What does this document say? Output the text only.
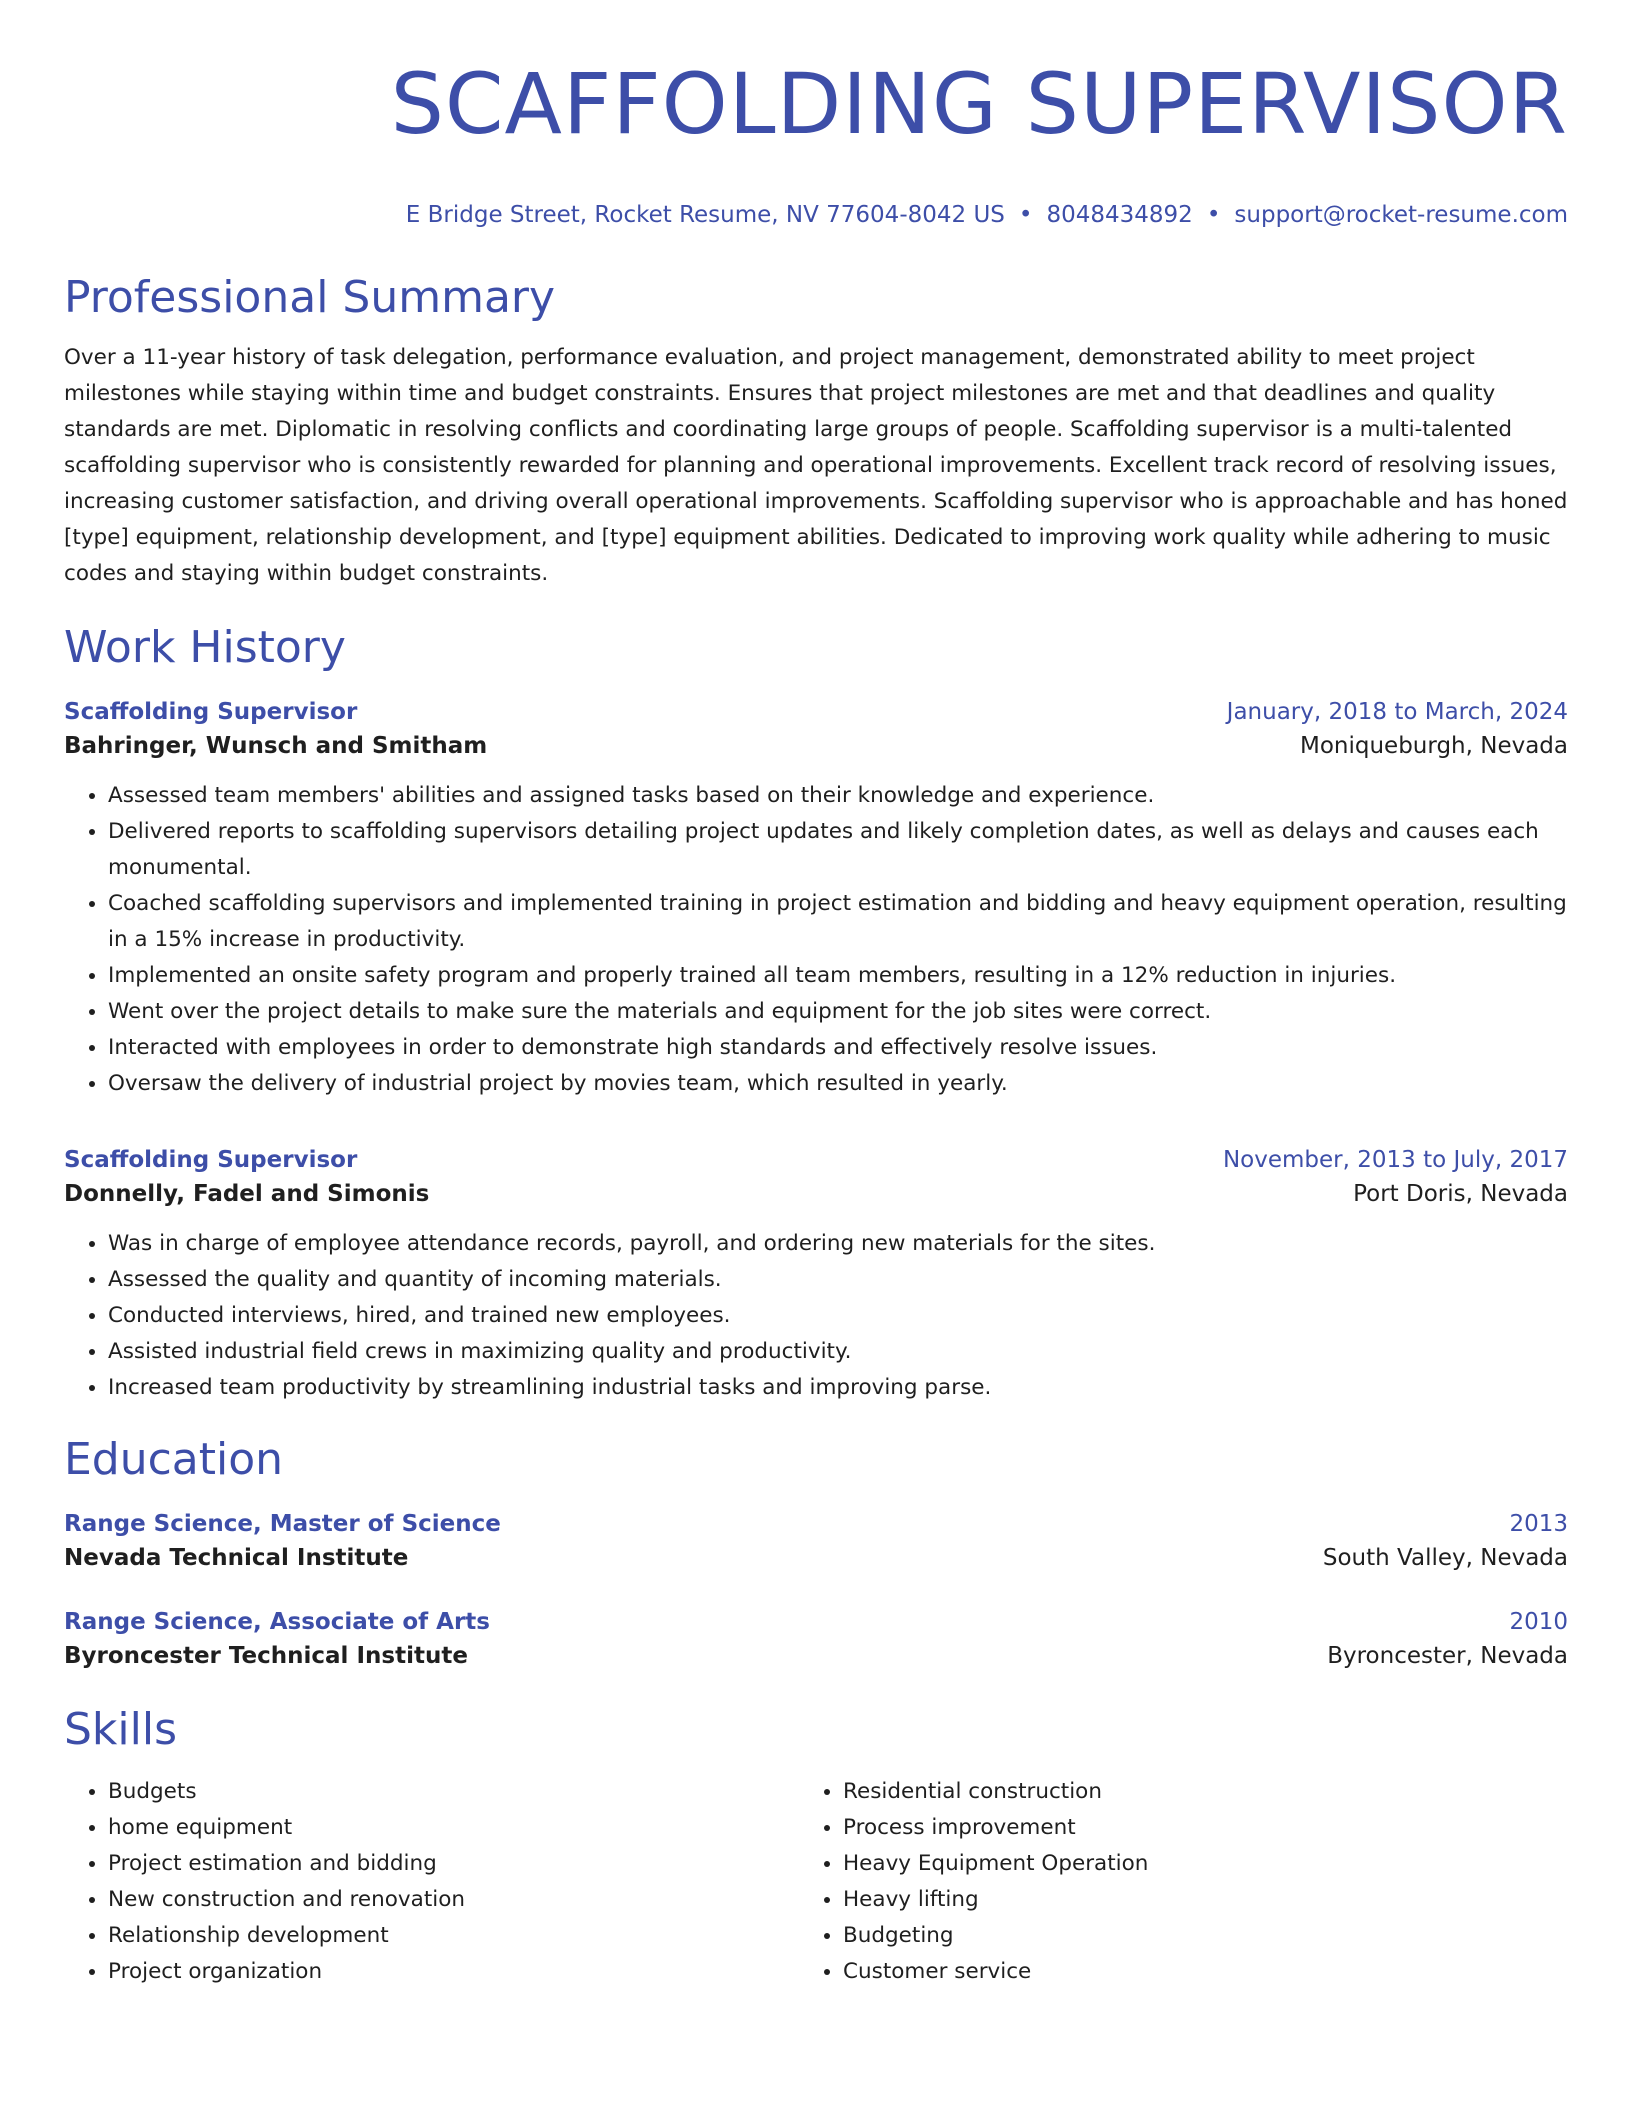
SCAFFOLDING SUPERVISOR
E Bridge Street, Rocket Resume, NV 77604-8042 US • 8048434892 • support@rocket-resume.com
Professional Summary
Over a 11-year history of task delegation, performance evaluation, and project management, demonstrated ability to meet project milestones while staying within time and budget constraints. Ensures that project milestones are met and that deadlines and quality standards are met. Diplomatic in resolving conflicts and coordinating large groups of people. Scaffolding supervisor is a multi-talented scaffolding supervisor who is consistently rewarded for planning and operational improvements. Excellent track record of resolving issues, increasing customer satisfaction, and driving overall operational improvements. Scaffolding supervisor who is approachable and has honed [type] equipment, relationship development, and [type] equipment abilities. Dedicated to improving work quality while adhering to music codes and staying within budget constraints.
Work History
Scaffolding Supervisor	January, 2018 to March, 2024
Bahringer, Wunsch and Smitham	Moniqueburgh, Nevada
• Assessed team members' abilities and assigned tasks based on their knowledge and experience.
• Delivered reports to scaffolding supervisors detailing project updates and likely completion dates, as well as delays and causes each monumental.
• Coached scaffolding supervisors and implemented training in project estimation and bidding and heavy equipment operation, resulting in a 15% increase in productivity.
• Implemented an onsite safety program and properly trained all team members, resulting in a 12% reduction in injuries.
• Went over the project details to make sure the materials and equipment for the job sites were correct.
• Interacted with employees in order to demonstrate high standards and effectively resolve issues.
• Oversaw the delivery of industrial project by movies team, which resulted in yearly.
Scaffolding Supervisor	November, 2013 to July, 2017
Donnelly, Fadel and Simonis	Port Doris, Nevada
• Was in charge of employee attendance records, payroll, and ordering new materials for the sites.
• Assessed the quality and quantity of incoming materials.
• Conducted interviews, hired, and trained new employees.
• Assisted industrial field crews in maximizing quality and productivity.
• Increased team productivity by streamlining industrial tasks and improving parse.
Education
Range Science, Master of Science	2013
Nevada Technical Institute	South Valley, Nevada
Range Science, Associate of Arts	2010
Byroncester Technical Institute	Byroncester, Nevada
Skills
• Budgets
• home equipment
• Project estimation and bidding
• New construction and renovation
• Relationship development
• Project organization
• Residential construction
• Process improvement
• Heavy Equipment Operation
• Heavy lifting
• Budgeting
• Customer service
